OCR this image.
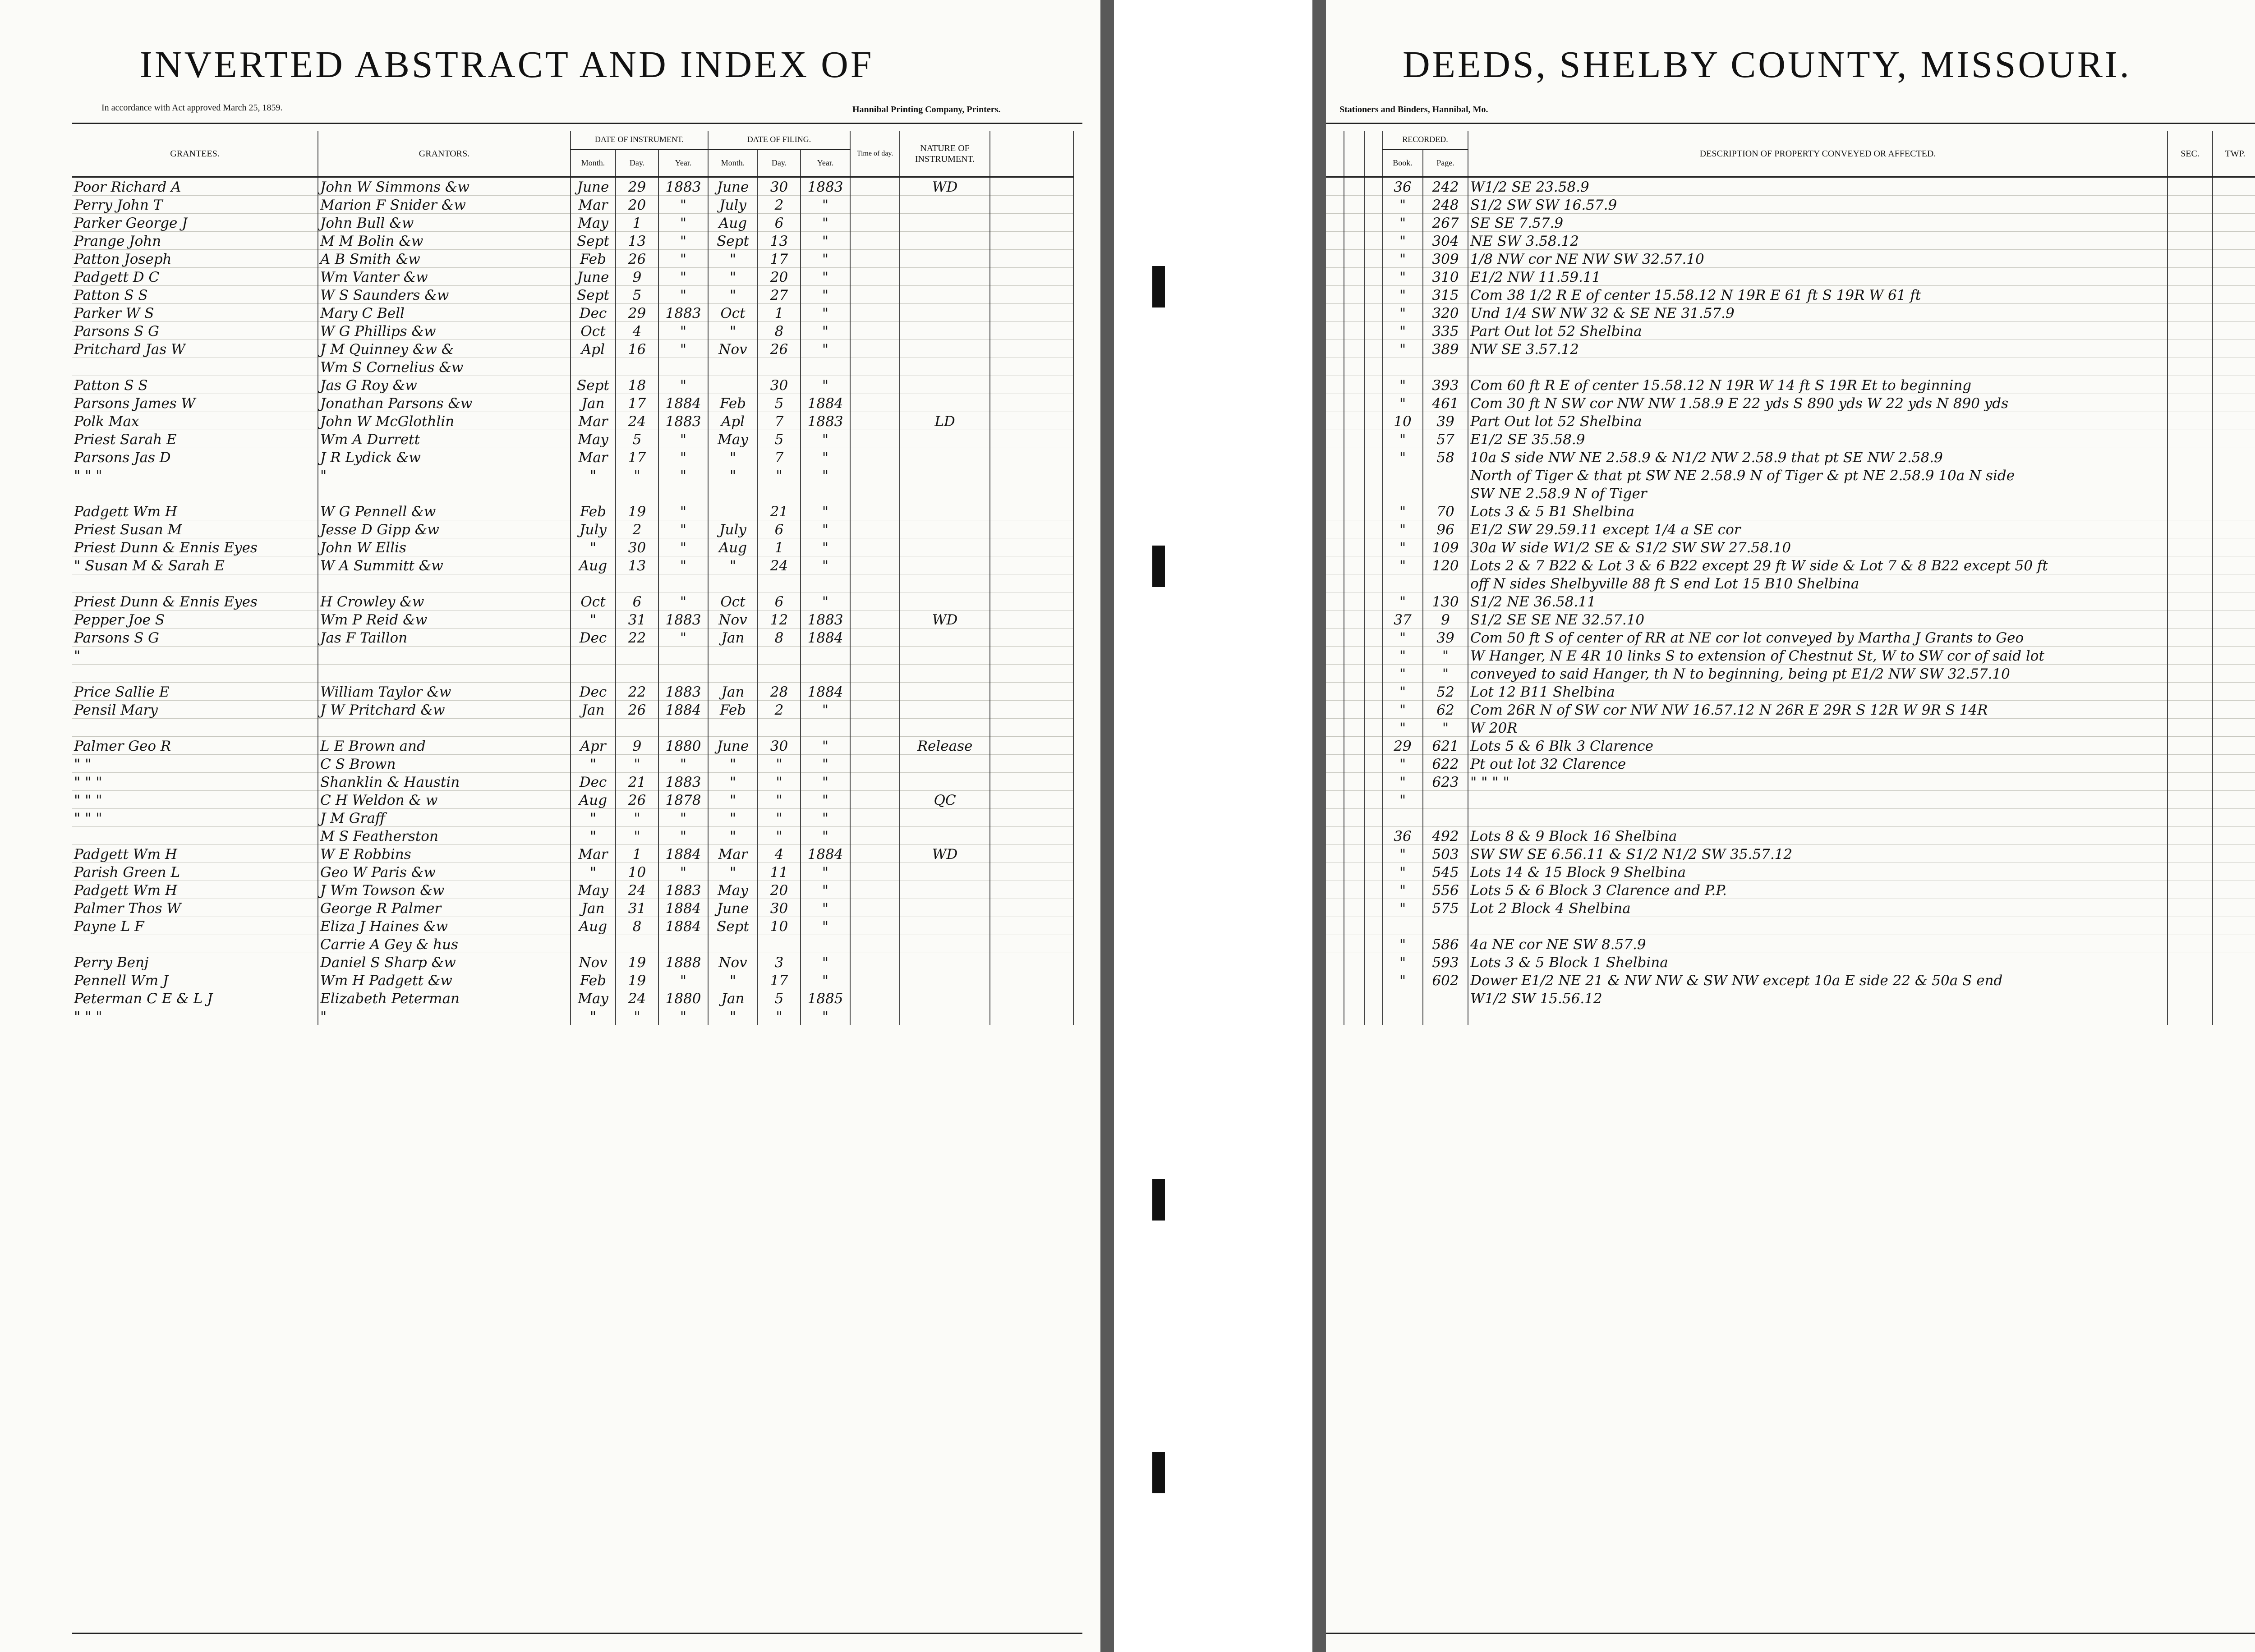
INVERTED ABSTRACT AND INDEX OF
In accordance with Act approved March 25, 1859.	Hannibal Printing Company, Printers.
GRANTEES.	GRANTORS.	DATE OF INSTRUMENT.			DATE OF FILING.			Time of day.	NATURE OF INSTRUMENT.	
		Month.	Day.	Year.	Month.	Day.	Year.			
Poor Richard A	John W Simmons &w	June	29	1883	June	30	1883		WD	
Perry John T	Marion F Snider &w	Mar	20	"	July	2	"			
Parker George J	John Bull &w	May	1	"	Aug	6	"			
Prange John	M M Bolin &w	Sept	13	"	Sept	13	"			
Patton Joseph	A B Smith &w	Feb	26	"	"	17	"			
Padgett D C	Wm Vanter &w	June	9	"	"	20	"			
Patton S S	W S Saunders &w	Sept	5	"	"	27	"			
Parker W S	Mary C Bell	Dec	29	1883	Oct	1	"			
Parsons S G	W G Phillips &w	Oct	4	"	"	8	"			
Pritchard Jas W	J M Quinney &w &	Apl	16	"	Nov	26	"			
	Wm S Cornelius &w									
Patton S S	Jas G Roy &w	Sept	18	"		30	"			
Parsons James W	Jonathan Parsons &w	Jan	17	1884	Feb	5	1884			
Polk Max	John W McGlothlin	Mar	24	1883	Apl	7	1883		LD	
Priest Sarah E	Wm A Durrett	May	5	"	May	5	"			
Parsons Jas D	J R Lydick &w	Mar	17	"	"	7	"			
" " "	"	"	"	"	"	"	"			

Padgett Wm H	W G Pennell &w	Feb	19	"		21	"			
Priest Susan M	Jesse D Gipp &w	July	2	"	July	6	"			
Priest Dunn & Ennis Eyes	John W Ellis	"	30	"	Aug	1	"			
" Susan M & Sarah E	W A Summitt &w	Aug	13	"	"	24	"			

Priest Dunn & Ennis Eyes	H Crowley &w	Oct	6	"	Oct	6	"			
Pepper Joe S	Wm P Reid &w	"	31	1883	Nov	12	1883		WD	
Parsons S G	Jas F Taillon	Dec	22	"	Jan	8	1884			
"										

Price Sallie E	William Taylor &w	Dec	22	1883	Jan	28	1884			
Pensil Mary	J W Pritchard &w	Jan	26	1884	Feb	2	"			

Palmer Geo R	L E Brown and	Apr	9	1880	June	30	"		Release	
" "	C S Brown	"	"	"	"	"	"			
" " "	Shanklin & Haustin	Dec	21	1883	"	"	"			
" " "	C H Weldon & w	Aug	26	1878	"	"	"		QC	
" " "	J M Graff	"	"	"	"	"	"			
	M S Featherston	"	"	"	"	"	"			
Padgett Wm H	W E Robbins	Mar	1	1884	Mar	4	1884		WD	
Parish Green L	Geo W Paris &w	"	10	"	"	11	"			
Padgett Wm H	J Wm Towson &w	May	24	1883	May	20	"			
Palmer Thos W	George R Palmer	Jan	31	1884	June	30	"			
Payne L F	Eliza J Haines &w	Aug	8	1884	Sept	10	"			
	Carrie A Gey & hus									
Perry Benj	Daniel S Sharp &w	Nov	19	1888	Nov	3	"			
Pennell Wm J	Wm H Padgett &w	Feb	19	"	"	17	"			
Peterman C E & L J	Elizabeth Peterman	May	24	1880	Jan	5	1885			
" " "	"	"	"	"	"	"	"			
DEEDS, SHELBY COUNTY, MISSOURI.
Stationers and Binders, Hannibal, Mo.
			RECORDED.		DESCRIPTION OF PROPERTY CONVEYED OR AFFECTED.	SEC.	TWP.		
			Book.	Page.					
			36	242	W1/2 SE 23.58.9				
			"	248	S1/2 SW SW 16.57.9				
			"	267	SE SE 7.57.9				
			"	304	NE SW 3.58.12				
			"	309	1/8 NW cor NE NW SW 32.57.10				
			"	310	E1/2 NW 11.59.11				
			"	315	Com 38 1/2 R E of center 15.58.12 N 19R E 61 ft S 19R W 61 ft				
			"	320	Und 1/4 SW NW 32 & SE NE 31.57.9				
			"	335	Part Out lot 52 Shelbina				
			"	389	NW SE 3.57.12				

			"	393	Com 60 ft R E of center 15.58.12 N 19R W 14 ft S 19R Et to beginning				
			"	461	Com 30 ft N SW cor NW NW 1.58.9 E 22 yds S 890 yds W 22 yds N 890 yds				
			10	39	Part Out lot 52 Shelbina				
			"	57	E1/2 SE 35.58.9				
			"	58	10a S side NW NE 2.58.9 & N1/2 NW 2.58.9 that pt SE NW 2.58.9				
					North of Tiger & that pt SW NE 2.58.9 N of Tiger & pt NE 2.58.9 10a N side				
					SW NE 2.58.9 N of Tiger				
			"	70	Lots 3 & 5 B1 Shelbina				
			"	96	E1/2 SW 29.59.11 except 1/4 a SE cor				
			"	109	30a W side W1/2 SE & S1/2 SW SW 27.58.10				
			"	120	Lots 2 & 7 B22 & Lot 3 & 6 B22 except 29 ft W side & Lot 7 & 8 B22 except 50 ft				
					off N sides Shelbyville 88 ft S end Lot 15 B10 Shelbina				
			"	130	S1/2 NE 36.58.11				
			37	9	S1/2 SE SE NE 32.57.10				
			"	39	Com 50 ft S of center of RR at NE cor lot conveyed by Martha J Grants to Geo				
			"	"	W Hanger, N E 4R 10 links S to extension of Chestnut St, W to SW cor of said lot				
			"	"	conveyed to said Hanger, th N to beginning, being pt E1/2 NW SW 32.57.10				
			"	52	Lot 12 B11 Shelbina				
			"	62	Com 26R N of SW cor NW NW 16.57.12 N 26R E 29R S 12R W 9R S 14R				
			"	"	W 20R				
			29	621	Lots 5 & 6 Blk 3 Clarence				
			"	622	Pt out lot 32 Clarence				
			"	623	" " " "				
			"						

			36	492	Lots 8 & 9 Block 16 Shelbina				
			"	503	SW SW SE 6.56.11 & S1/2 N1/2 SW 35.57.12				
			"	545	Lots 14 & 15 Block 9 Shelbina				
			"	556	Lots 5 & 6 Block 3 Clarence and P.P.				
			"	575	Lot 2 Block 4 Shelbina				

			"	586	4a NE cor NE SW 8.57.9				
			"	593	Lots 3 & 5 Block 1 Shelbina				
			"	602	Dower E1/2 NE 21 & NW NW & SW NW except 10a E side 22 & 50a S end				
					W1/2 SW 15.56.12				
